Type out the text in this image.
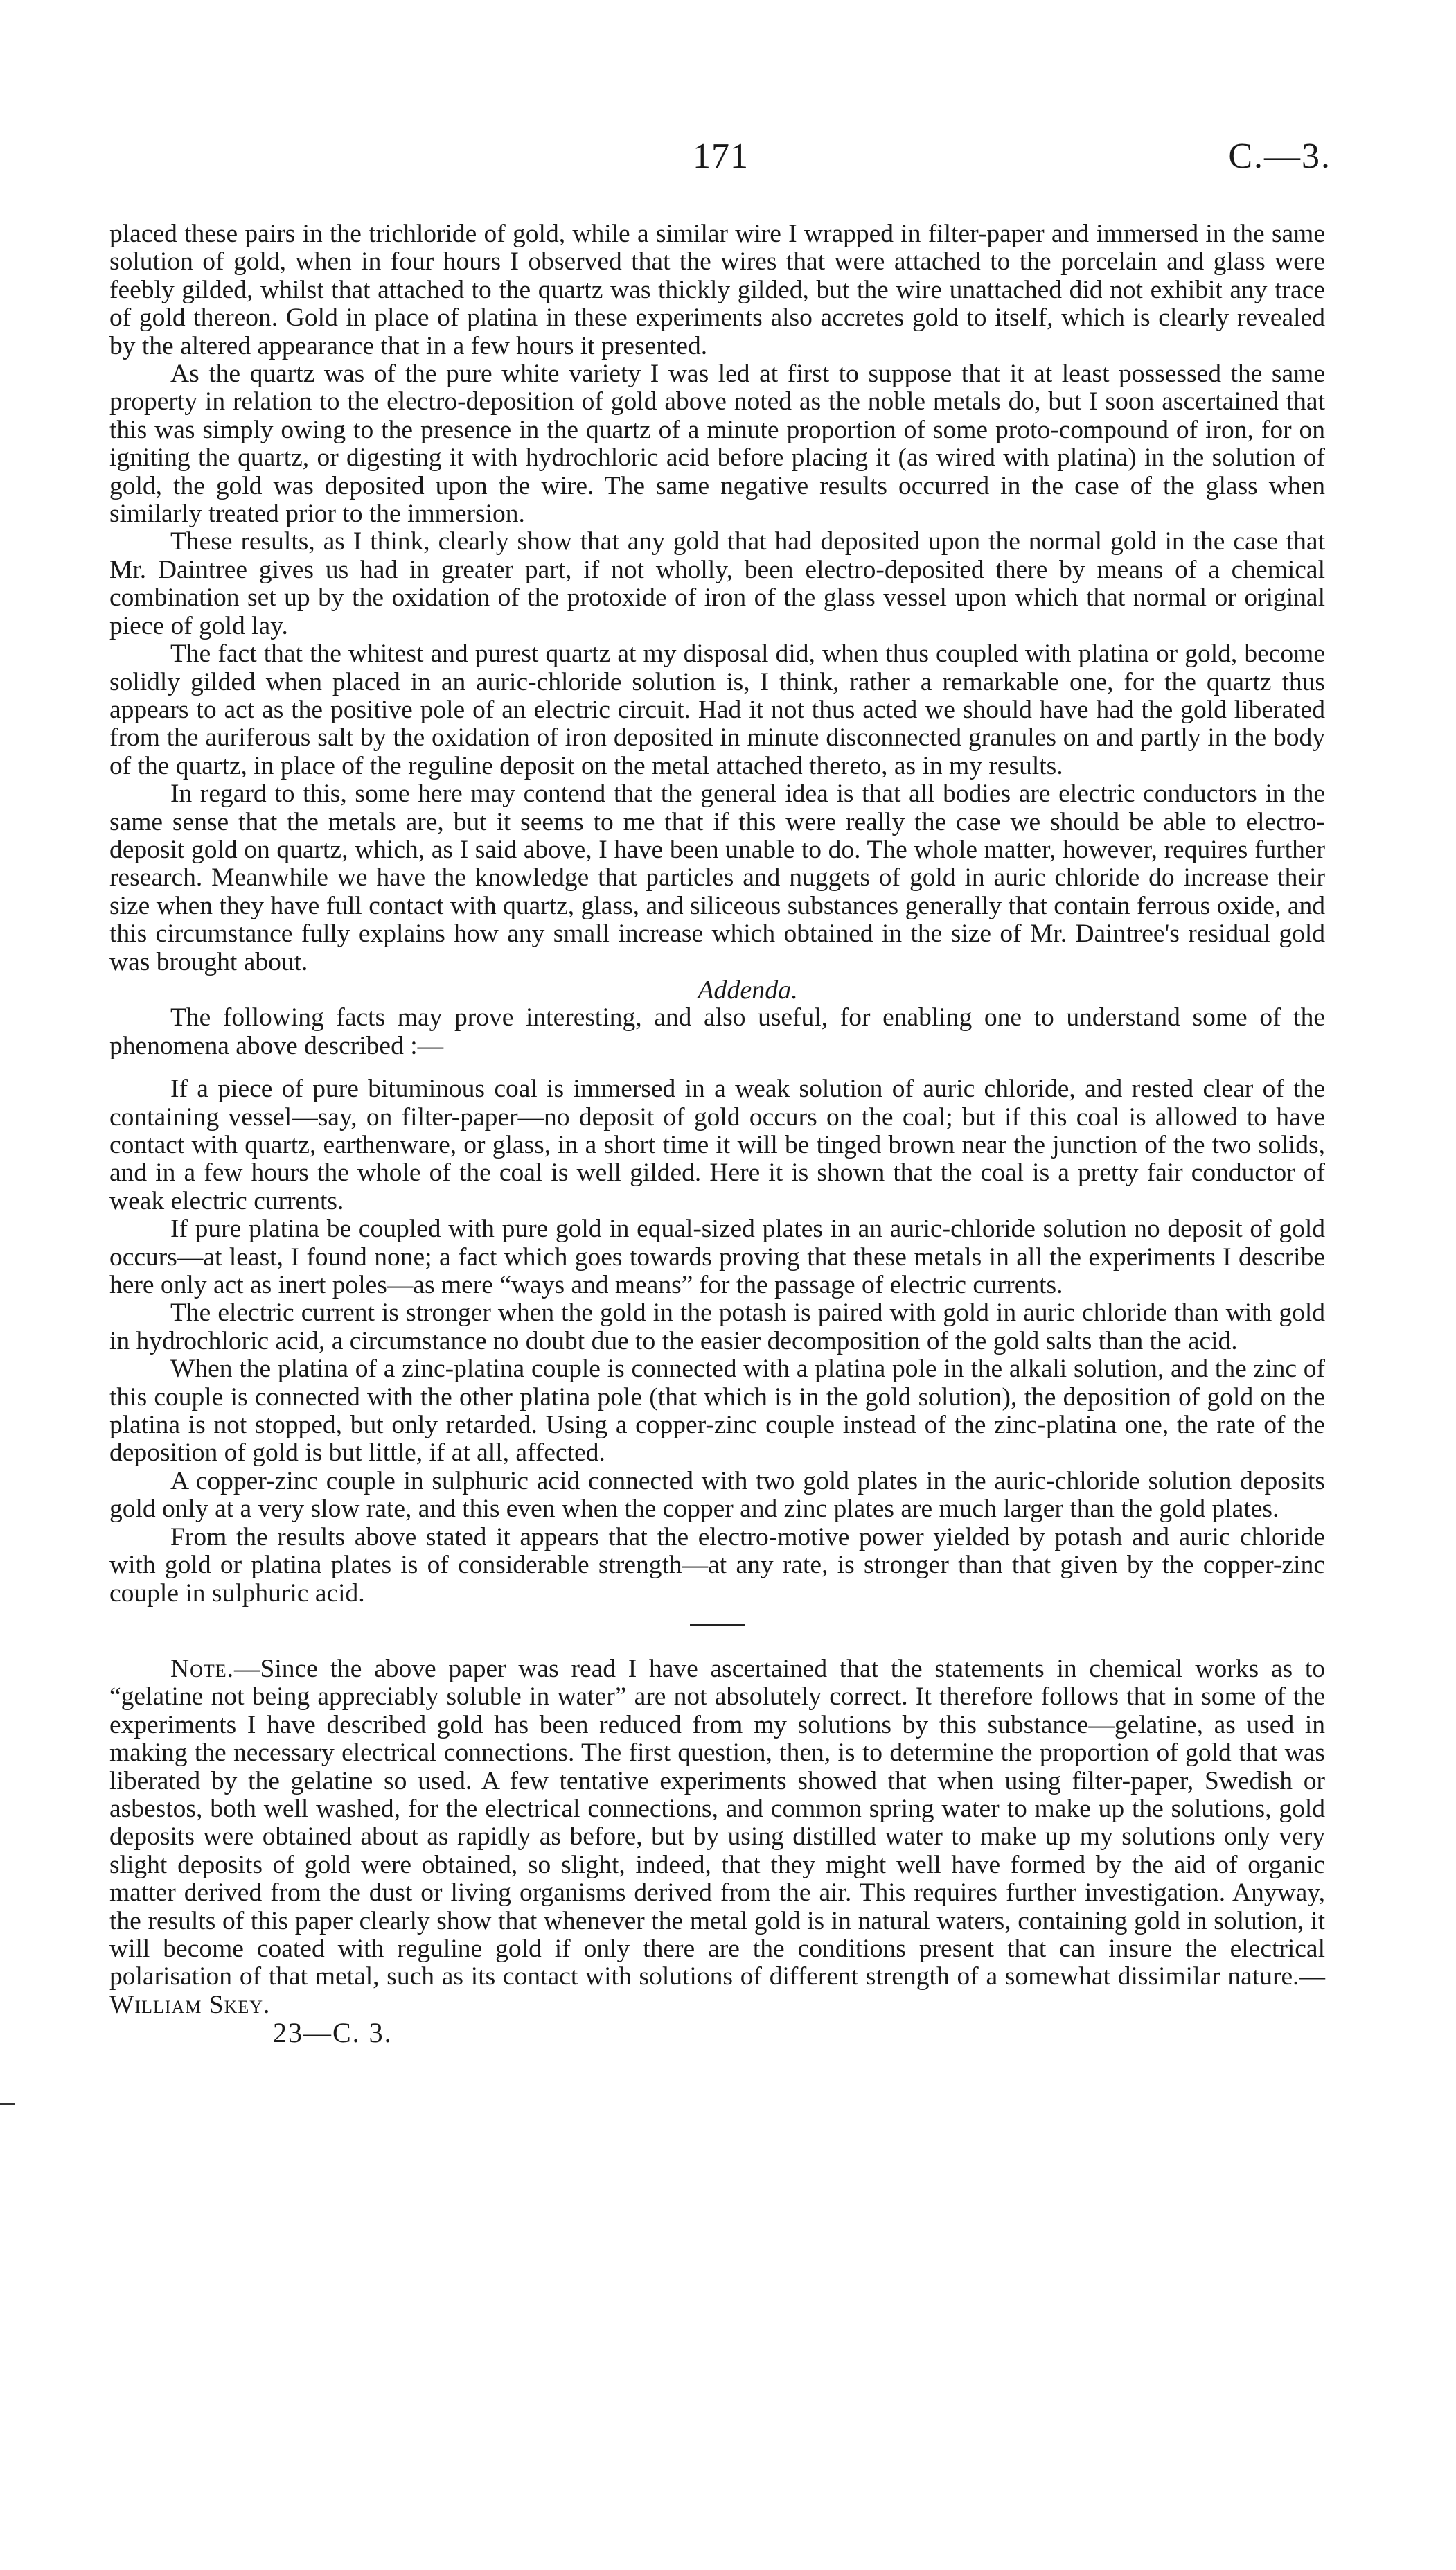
171	C.—3.

placed these pairs in the trichloride of gold, while a similar wire I wrapped in filter-paper and immersed in the same solution of gold, when in four hours I observed that the wires that were attached to the porcelain and glass were feebly gilded, whilst that attached to the quartz was thickly gilded, but the wire unattached did not exhibit any trace of gold thereon. Gold in place of platina in these experiments also accretes gold to itself, which is clearly revealed by the altered appearance that in a few hours it presented.

As the quartz was of the pure white variety I was led at first to suppose that it at least possessed the same property in relation to the electro-deposition of gold above noted as the noble metals do, but I soon ascertained that this was simply owing to the presence in the quartz of a minute proportion of some proto-compound of iron, for on igniting the quartz, or digesting it with hydrochloric acid before placing it (as wired with platina) in the solution of gold, the gold was deposited upon the wire. The same negative results occurred in the case of the glass when similarly treated prior to the immersion.

These results, as I think, clearly show that any gold that had deposited upon the normal gold in the case that Mr. Daintree gives us had in greater part, if not wholly, been electro-deposited there by means of a chemical combination set up by the oxidation of the protoxide of iron of the glass vessel upon which that normal or original piece of gold lay.

The fact that the whitest and purest quartz at my disposal did, when thus coupled with platina or gold, become solidly gilded when placed in an auric-chloride solution is, I think, rather a remarkable one, for the quartz thus appears to act as the positive pole of an electric circuit. Had it not thus acted we should have had the gold liberated from the auriferous salt by the oxidation of iron deposited in minute disconnected granules on and partly in the body of the quartz, in place of the reguline deposit on the metal attached thereto, as in my results.

In regard to this, some here may contend that the general idea is that all bodies are electric conductors in the same sense that the metals are, but it seems to me that if this were really the case we should be able to electro-deposit gold on quartz, which, as I said above, I have been unable to do. The whole matter, however, requires further research. Meanwhile we have the knowledge that particles and nuggets of gold in auric chloride do increase their size when they have full contact with quartz, glass, and siliceous substances generally that contain ferrous oxide, and this circumstance fully explains how any small increase which obtained in the size of Mr. Daintree's residual gold was brought about.

Addenda.

The following facts may prove interesting, and also useful, for enabling one to understand some of the phenomena above described :—

If a piece of pure bituminous coal is immersed in a weak solution of auric chloride, and rested clear of the containing vessel—say, on filter-paper—no deposit of gold occurs on the coal; but if this coal is allowed to have contact with quartz, earthenware, or glass, in a short time it will be tinged brown near the junction of the two solids, and in a few hours the whole of the coal is well gilded. Here it is shown that the coal is a pretty fair conductor of weak electric currents.

If pure platina be coupled with pure gold in equal-sized plates in an auric-chloride solution no deposit of gold occurs—at least, I found none; a fact which goes towards proving that these metals in all the experiments I describe here only act as inert poles—as mere “ways and means” for the passage of electric currents.

The electric current is stronger when the gold in the potash is paired with gold in auric chloride than with gold in hydrochloric acid, a circumstance no doubt due to the easier decomposition of the gold salts than the acid.

When the platina of a zinc-platina couple is connected with a platina pole in the alkali solution, and the zinc of this couple is connected with the other platina pole (that which is in the gold solution), the deposition of gold on the platina is not stopped, but only retarded. Using a copper-zinc couple instead of the zinc-platina one, the rate of the deposition of gold is but little, if at all, affected.

A copper-zinc couple in sulphuric acid connected with two gold plates in the auric-chloride solution deposits gold only at a very slow rate, and this even when the copper and zinc plates are much larger than the gold plates.

From the results above stated it appears that the electro-motive power yielded by potash and auric chloride with gold or platina plates is of considerable strength—at any rate, is stronger than that given by the copper-zinc couple in sulphuric acid.

Note.—Since the above paper was read I have ascertained that the statements in chemical works as to “gelatine not being appreciably soluble in water” are not absolutely correct. It therefore follows that in some of the experiments I have described gold has been reduced from my solutions by this substance—gelatine, as used in making the necessary electrical connections. The first question, then, is to determine the proportion of gold that was liberated by the gelatine so used. A few tentative experiments showed that when using filter-paper, Swedish or asbestos, both well washed, for the electrical connections, and common spring water to make up the solutions, gold deposits were obtained about as rapidly as before, but by using distilled water to make up my solutions only very slight deposits of gold were obtained, so slight, indeed, that they might well have formed by the aid of organic matter derived from the dust or living organisms derived from the air. This requires further investigation. Anyway, the results of this paper clearly show that whenever the metal gold is in natural waters, containing gold in solution, it will become coated with reguline gold if only there are the conditions present that can insure the electrical polarisation of that metal, such as its contact with solutions of different strength of a somewhat dissimilar nature.—William Skey.

23—C. 3.
